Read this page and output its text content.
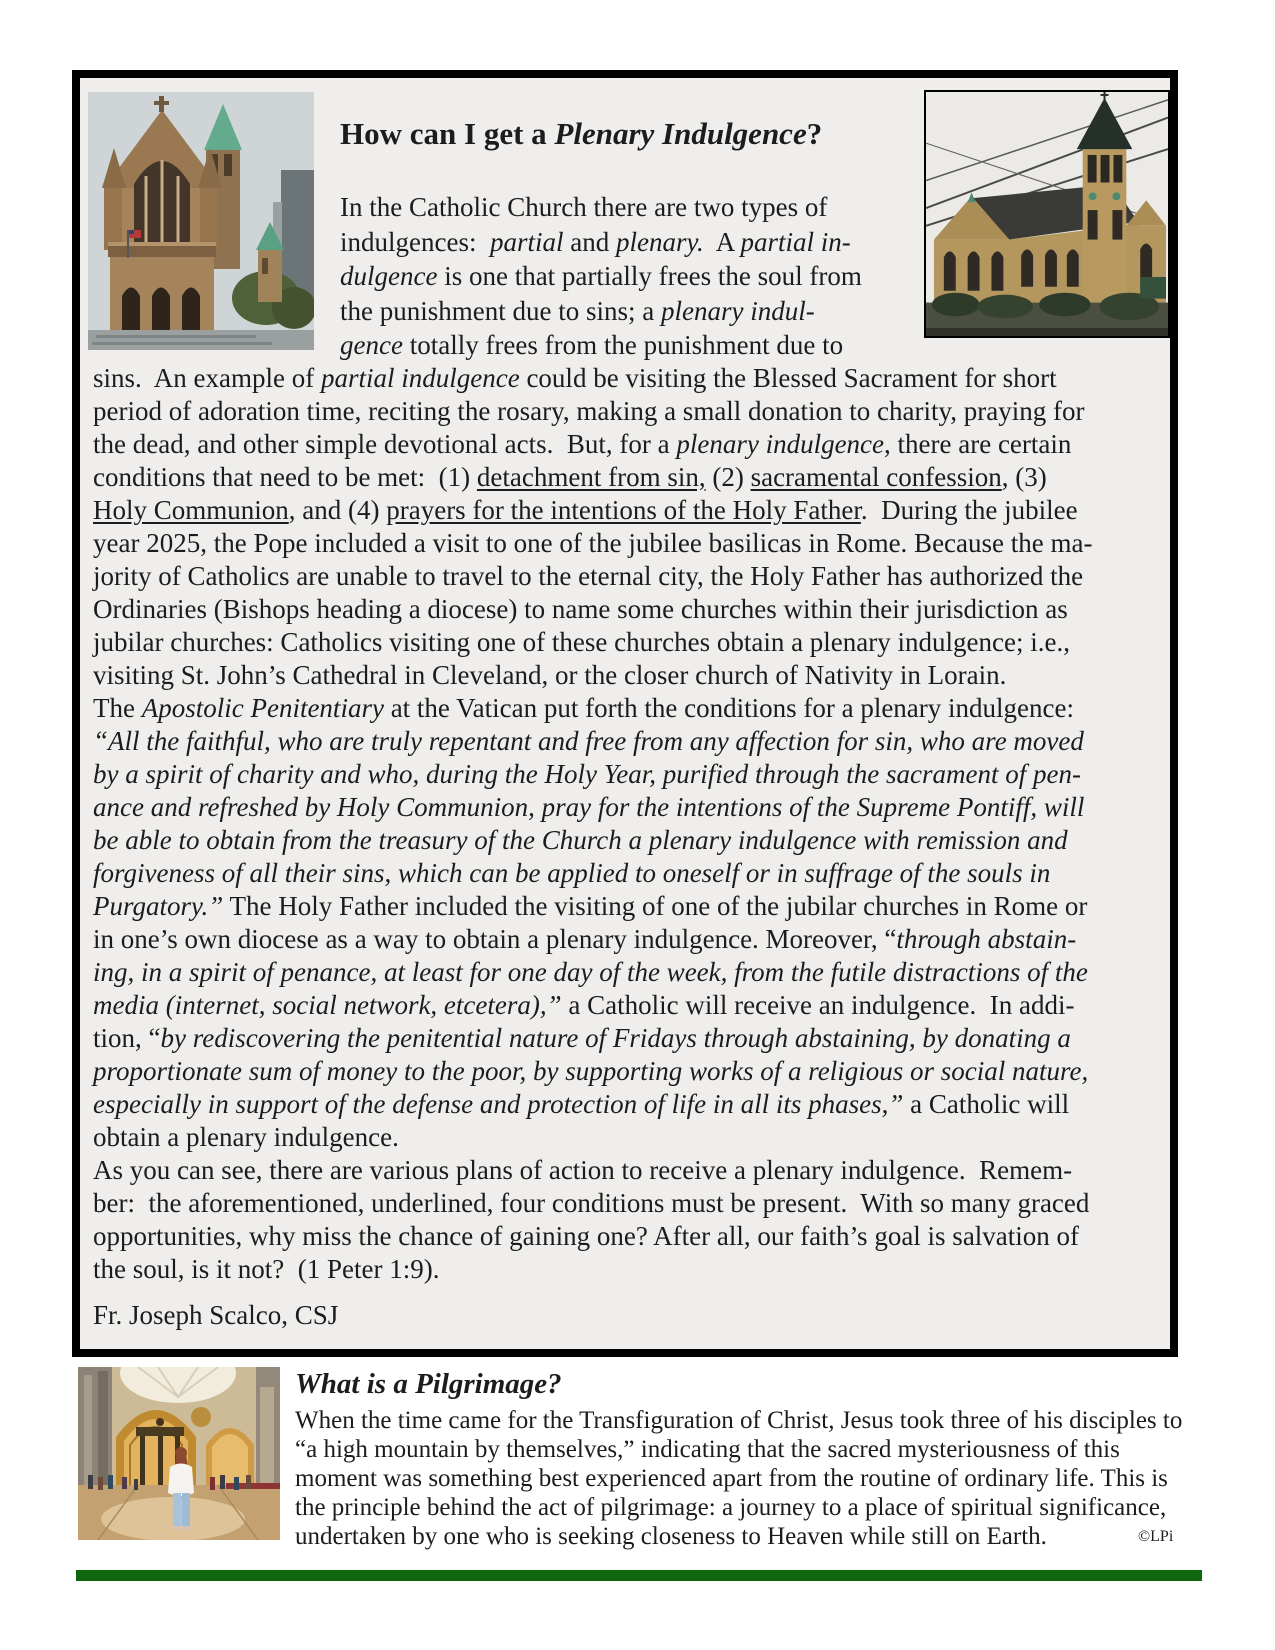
How can I get a Plenary Indulgence?
In the Catholic Church there are two types of
indulgences:  partial and plenary.  A partial in-
dulgence is one that partially frees the soul from
the punishment due to sins; a plenary indul-
gence totally frees from the punishment due to
sins.  An example of partial indulgence could be visiting the Blessed Sacrament for short
period of adoration time, reciting the rosary, making a small donation to charity, praying for
the dead, and other simple devotional acts.  But, for a plenary indulgence, there are certain
conditions that need to be met:  (1) detachment from sin, (2) sacramental confession, (3)
Holy Communion, and (4) prayers for the intentions of the Holy Father.  During the jubilee
year 2025, the Pope included a visit to one of the jubilee basilicas in Rome. Because the ma-
jority of Catholics are unable to travel to the eternal city, the Holy Father has authorized the
Ordinaries (Bishops heading a diocese) to name some churches within their jurisdiction as
jubilar churches: Catholics visiting one of these churches obtain a plenary indulgence; i.e.,
visiting St. John’s Cathedral in Cleveland, or the closer church of Nativity in Lorain.
The Apostolic Penitentiary at the Vatican put forth the conditions for a plenary indulgence:
“All the faithful, who are truly repentant and free from any affection for sin, who are moved
by a spirit of charity and who, during the Holy Year, purified through the sacrament of pen-
ance and refreshed by Holy Communion, pray for the intentions of the Supreme Pontiff, will
be able to obtain from the treasury of the Church a plenary indulgence with remission and
forgiveness of all their sins, which can be applied to oneself or in suffrage of the souls in
Purgatory.” The Holy Father included the visiting of one of the jubilar churches in Rome or
in one’s own diocese as a way to obtain a plenary indulgence. Moreover, “through abstain-
ing, in a spirit of penance, at least for one day of the week, from the futile distractions of the
media (internet, social network, etcetera),” a Catholic will receive an indulgence.  In addi-
tion, “by rediscovering the penitential nature of Fridays through abstaining, by donating a
proportionate sum of money to the poor, by supporting works of a religious or social nature,
especially in support of the defense and protection of life in all its phases,” a Catholic will
obtain a plenary indulgence.
As you can see, there are various plans of action to receive a plenary indulgence.  Remem-
ber:  the aforementioned, underlined, four conditions must be present.  With so many graced
opportunities, why miss the chance of gaining one? After all, our faith’s goal is salvation of
the soul, is it not?  (1 Peter 1:9).
Fr. Joseph Scalco, CSJ
What is a Pilgrimage?
When the time came for the Transfiguration of Christ, Jesus took three of his disciples to
“a high mountain by themselves,” indicating that the sacred mysteriousness of this
moment was something best experienced apart from the routine of ordinary life. This is
the principle behind the act of pilgrimage: a journey to a place of spiritual significance,
undertaken by one who is seeking closeness to Heaven while still on Earth.	©LPi
